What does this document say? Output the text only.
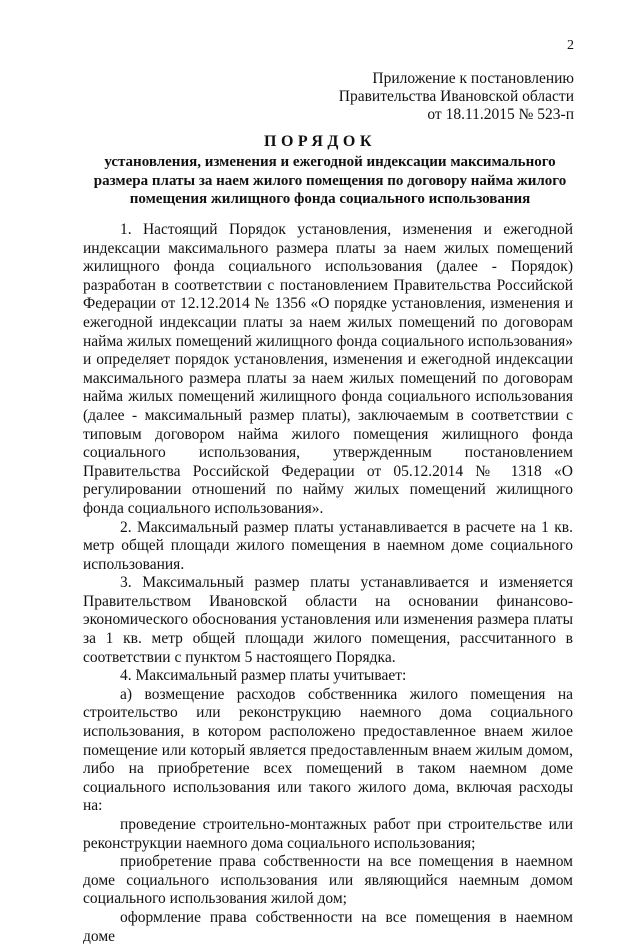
2
Приложение к постановлению
Правительства Ивановской области
от 18.11.2015 № 523-п
ПОРЯДОК
установления, изменения и ежегодной индексации максимального размера платы за наем жилого помещения по договору найма жилого помещения жилищного фонда социального использования

1. Настоящий Порядок установления, изменения и ежегодной индексации максимального размера платы за наем жилых помещений жилищного фонда социального использования (далее - Порядок) разработан в соответствии с постановлением Правительства Российской Федерации от 12.12.2014 № 1356 «О порядке установления, изменения и ежегодной индексации платы за наем жилых помещений по договорам найма жилых помещений жилищного фонда социального использования» и определяет порядок установления, изменения и ежегодной индексации максимального размера платы за наем жилых помещений по договорам найма жилых помещений жилищного фонда социального использования (далее - максимальный размер платы), заключаемым в соответствии с типовым договором найма жилого помещения жилищного фонда социального использования, утвержденным постановлением Правительства Российской Федерации от 05.12.2014 № 1318 «О регулировании отношений по найму жилых помещений жилищного фонда социального использования».

2. Максимальный размер платы устанавливается в расчете на 1 кв. метр общей площади жилого помещения в наемном доме социального использования.

3. Максимальный размер платы устанавливается и изменяется Правительством Ивановской области на основании финансово-экономического обоснования установления или изменения размера платы за 1 кв. метр общей площади жилого помещения, рассчитанного в соответствии с пунктом 5 настоящего Порядка.

4. Максимальный размер платы учитывает:

а) возмещение расходов собственника жилого помещения на строительство или реконструкцию наемного дома социального использования, в котором расположено предоставленное внаем жилое помещение или который является предоставленным внаем жилым домом, либо на приобретение всех помещений в таком наемном доме социального использования или такого жилого дома, включая расходы на:

проведение строительно-монтажных работ при строительстве или реконструкции наемного дома социального использования;

приобретение права собственности на все помещения в наемном доме социального использования или являющийся наемным домом социального использования жилой дом;

оформление права собственности на все помещения в наемном доме
